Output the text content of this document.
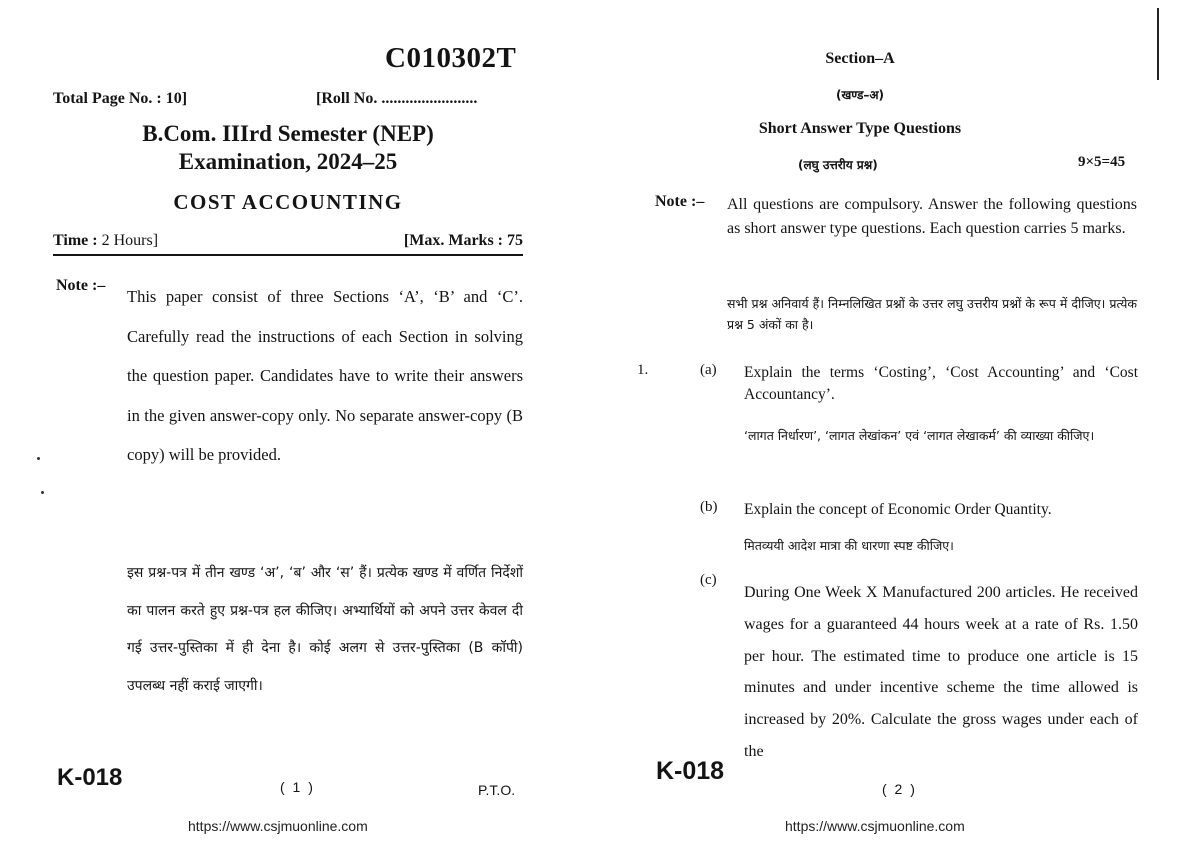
C010302T
Total Page No. : 10]	[Roll No. ........................
B.Com. IIIrd Semester (NEP)
Examination, 2024–25
COST ACCOUNTING
Time : 2 Hours]	[Max. Marks : 75
Note :–
This paper consist of three Sections ‘A’, ‘B’ and ‘C’. Carefully read the instructions of each Section in solving the question paper. Candidates have to write their answers in the given answer-copy only. No separate answer-copy (B copy) will be provided.
इस प्रश्न-पत्र में तीन खण्ड ‘अ’, ‘ब’ और ‘स’ हैं। प्रत्येक खण्ड में वर्णित निर्देशों का पालन करते हुए प्रश्न-पत्र हल कीजिए। अभ्यार्थियों को अपने उत्तर केवल दी गई उत्तर-पुस्तिका में ही देना है। कोई अलग से उत्तर-पुस्तिका (B कॉपी) उपलब्ध नहीं कराई जाएगी।
K-018	( 1 )	P.T.O.
https://www.csjmuonline.com
Section–A
(खण्ड–अ)
Short Answer Type Questions
(लघु उत्तरीय प्रश्न)	9×5=45
Note :– All questions are compulsory. Answer the following questions as short answer type questions. Each question carries 5 marks.
सभी प्रश्न अनिवार्य हैं। निम्नलिखित प्रश्नों के उत्तर लघु उत्तरीय प्रश्नों के रूप में दीजिए। प्रत्येक प्रश्न 5 अंकों का है।
1.	(a) Explain the terms ‘Costing’, ‘Cost Accounting’ and ‘Cost Accountancy’.
‘लागत निर्धारण’, ‘लागत लेखांकन’ एवं ‘लागत लेखाकर्म’ की व्याख्या कीजिए।
(b) Explain the concept of Economic Order Quantity.
मितव्ययी आदेश मात्रा की धारणा स्पष्ट कीजिए।
(c)
During One Week X Manufactured 200 articles. He received wages for a guaranteed 44 hours week at a rate of Rs. 1.50 per hour. The estimated time to produce one article is 15 minutes and under incentive scheme the time allowed is increased by 20%. Calculate the gross wages under each of the
K-018
( 2 )
https://www.csjmuonline.com
